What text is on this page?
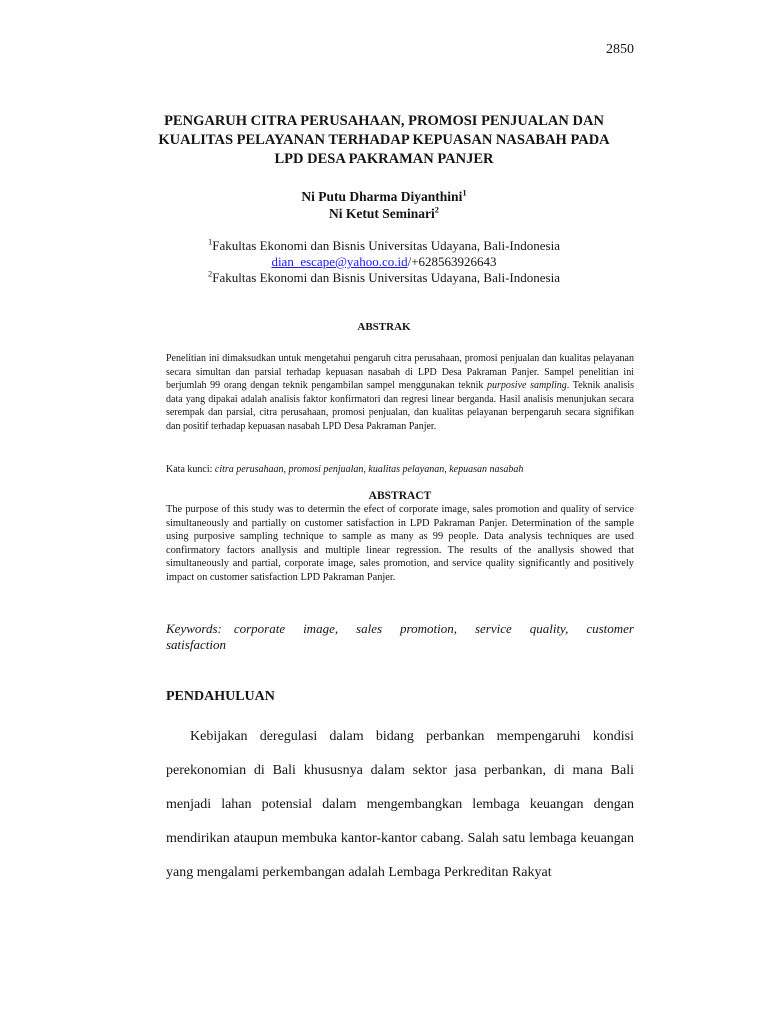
2850
PENGARUH CITRA PERUSAHAAN, PROMOSI PENJUALAN DAN KUALITAS PELAYANAN TERHADAP KEPUASAN NASABAH PADA LPD DESA PAKRAMAN PANJER
Ni Putu Dharma Diyanthini$^1$
Ni Ketut Seminari$^2$
$^1$Fakultas Ekonomi dan Bisnis Universitas Udayana, Bali-Indonesia
dian_escape@yahoo.co.id/+628563926643
$^2$Fakultas Ekonomi dan Bisnis Universitas Udayana, Bali-Indonesia
ABSTRAK

Penelitian ini dimaksudkan untuk mengetahui pengaruh citra perusahaan, promosi penjualan dan kualitas pelayanan secara simultan dan parsial terhadap kepuasan nasabah di LPD Desa Pakraman Panjer. Sampel penelitian ini berjumlah 99 orang dengan teknik pengambilan sampel menggunakan teknik purposive sampling. Teknik analisis data yang dipakai adalah analisis faktor konfirmatori dan regresi linear berganda. Hasil analisis menunjukan secara serempak dan parsial, citra perusahaan, promosi penjualan, dan kualitas pelayanan berpengaruh secara signifikan dan positif terhadap kepuasan nasabah LPD Desa Pakraman Panjer.

Kata kunci: citra perusahaan, promosi penjualan, kualitas pelayanan, kepuasan nasabah
ABSTRACT

The purpose of this study was to determin the efect of corporate image, sales promotion and quality of service simultaneously and partially on customer satisfaction in LPD Pakraman Panjer. Determination of the sample using purposive sampling technique to sample as many as 99 people. Data analysis techniques are used confirmatory factors anallysis and multiple linear regression. The results of the anallysis showed that simultaneously and partial, corporate image, sales promotion, and service quality significantly and positively impact on customer satisfaction LPD Pakraman Panjer.

Keywords: corporate image, sales promotion, service quality, customer satisfaction
PENDAHULUAN

Kebijakan deregulasi dalam bidang perbankan mempengaruhi kondisi perekonomian di Bali khususnya dalam sektor jasa perbankan, di mana Bali menjadi lahan potensial dalam mengembangkan lembaga keuangan dengan mendirikan ataupun membuka kantor-kantor cabang. Salah satu lembaga keuangan yang mengalami perkembangan adalah Lembaga Perkreditan Rakyat
